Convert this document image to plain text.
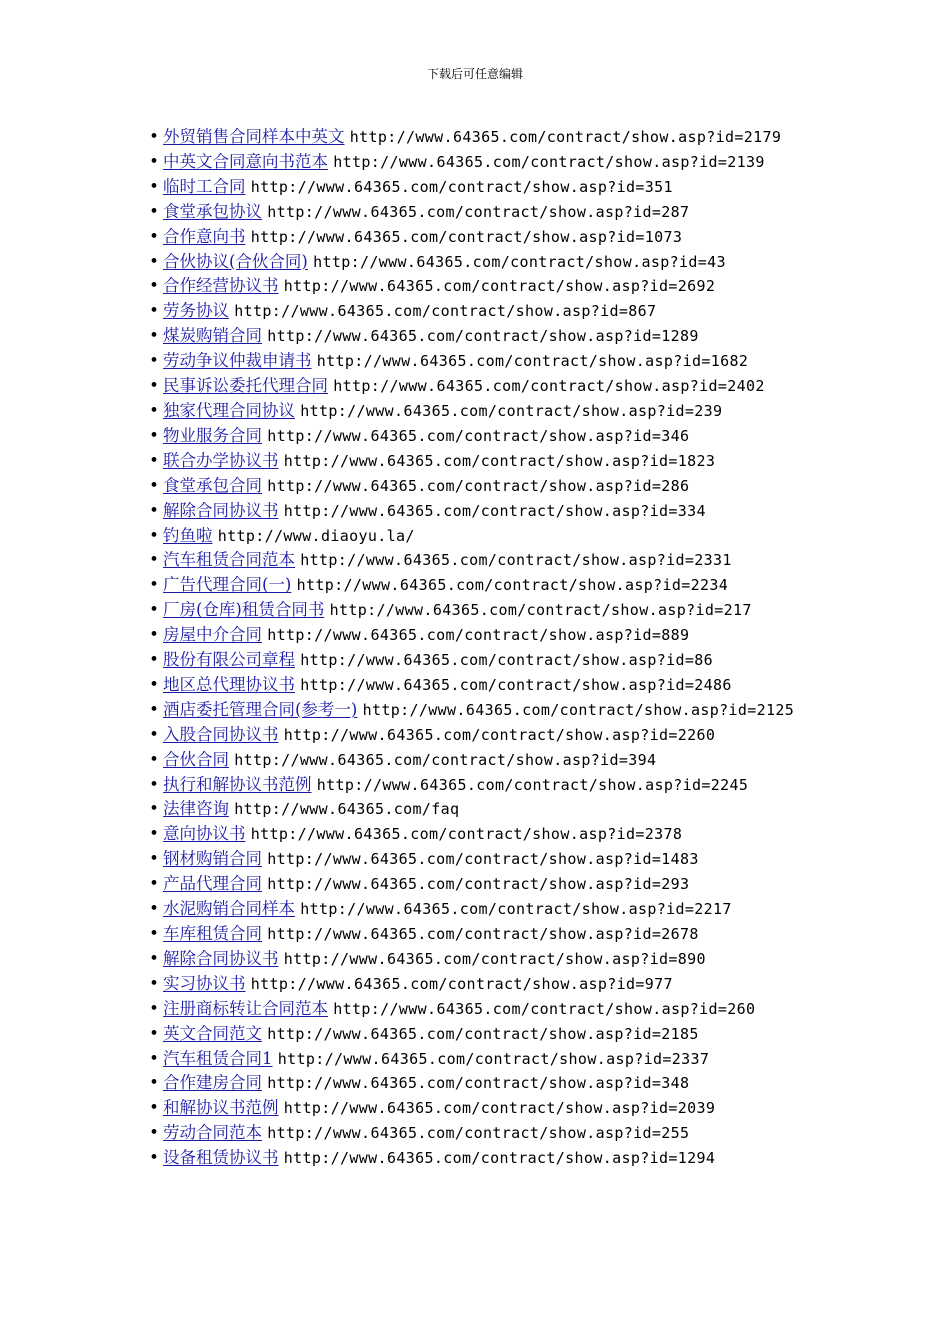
下载后可任意编辑
• 外贸销售合同样本中英文 http://www.64365.com/contract/show.asp?id=2179
• 中英文合同意向书范本 http://www.64365.com/contract/show.asp?id=2139
• 临时工合同 http://www.64365.com/contract/show.asp?id=351
• 食堂承包协议 http://www.64365.com/contract/show.asp?id=287
• 合作意向书 http://www.64365.com/contract/show.asp?id=1073
• 合伙协议(合伙合同) http://www.64365.com/contract/show.asp?id=43
• 合作经营协议书 http://www.64365.com/contract/show.asp?id=2692
• 劳务协议 http://www.64365.com/contract/show.asp?id=867
• 煤炭购销合同 http://www.64365.com/contract/show.asp?id=1289
• 劳动争议仲裁申请书 http://www.64365.com/contract/show.asp?id=1682
• 民事诉讼委托代理合同 http://www.64365.com/contract/show.asp?id=2402
• 独家代理合同协议 http://www.64365.com/contract/show.asp?id=239
• 物业服务合同 http://www.64365.com/contract/show.asp?id=346
• 联合办学协议书 http://www.64365.com/contract/show.asp?id=1823
• 食堂承包合同 http://www.64365.com/contract/show.asp?id=286
• 解除合同协议书 http://www.64365.com/contract/show.asp?id=334
• 钓鱼啦 http://www.diaoyu.la/
• 汽车租赁合同范本 http://www.64365.com/contract/show.asp?id=2331
• 广告代理合同(一) http://www.64365.com/contract/show.asp?id=2234
• 厂房(仓库)租赁合同书 http://www.64365.com/contract/show.asp?id=217
• 房屋中介合同 http://www.64365.com/contract/show.asp?id=889
• 股份有限公司章程 http://www.64365.com/contract/show.asp?id=86
• 地区总代理协议书 http://www.64365.com/contract/show.asp?id=2486
• 酒店委托管理合同(参考一) http://www.64365.com/contract/show.asp?id=2125
• 入股合同协议书 http://www.64365.com/contract/show.asp?id=2260
• 合伙合同 http://www.64365.com/contract/show.asp?id=394
• 执行和解协议书范例 http://www.64365.com/contract/show.asp?id=2245
• 法律咨询 http://www.64365.com/faq
• 意向协议书 http://www.64365.com/contract/show.asp?id=2378
• 钢材购销合同 http://www.64365.com/contract/show.asp?id=1483
• 产品代理合同 http://www.64365.com/contract/show.asp?id=293
• 水泥购销合同样本 http://www.64365.com/contract/show.asp?id=2217
• 车库租赁合同 http://www.64365.com/contract/show.asp?id=2678
• 解除合同协议书 http://www.64365.com/contract/show.asp?id=890
• 实习协议书 http://www.64365.com/contract/show.asp?id=977
• 注册商标转让合同范本 http://www.64365.com/contract/show.asp?id=260
• 英文合同范文 http://www.64365.com/contract/show.asp?id=2185
• 汽车租赁合同1 http://www.64365.com/contract/show.asp?id=2337
• 合作建房合同 http://www.64365.com/contract/show.asp?id=348
• 和解协议书范例 http://www.64365.com/contract/show.asp?id=2039
• 劳动合同范本 http://www.64365.com/contract/show.asp?id=255
• 设备租赁协议书 http://www.64365.com/contract/show.asp?id=1294
